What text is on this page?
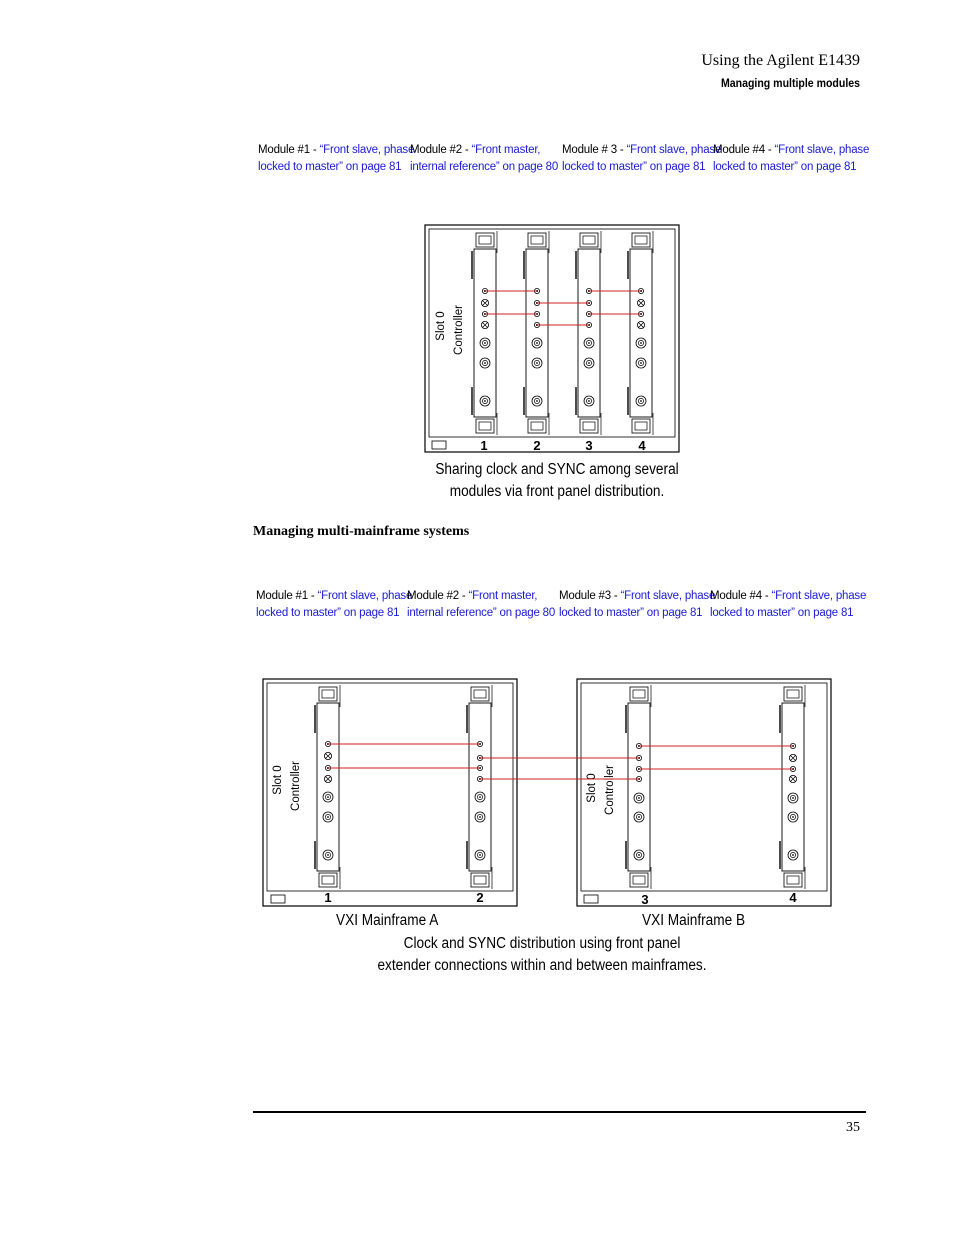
Using the Agilent E1439
Managing multiple modules
Module #1 - “Front slave, phase locked to master” on page 81
Module #2 - “Front master, internal reference” on page 80
Module # 3 - “Front slave, phase locked to master” on page 81
Module #4 - “Front slave, phase locked to master” on page 81
Slot 0 Controller
1	2	3	4
Sharing clock and SYNC among several
modules via front panel distribution.
Managing multi-mainframe systems
Module #1 - “Front slave, phase locked to master” on page 81
Module #2 - “Front master, internal reference” on page 80
Module #3 - “Front slave, phase locked to master” on page 81
Module #4 - “Front slave, phase locked to master” on page 81
Slot 0 Controller
1	2
Slot 0 Controller
3	4
VXI Mainframe A	VXI Mainframe B
Clock and SYNC distribution using front panel
extender connections within and between mainframes.
35
